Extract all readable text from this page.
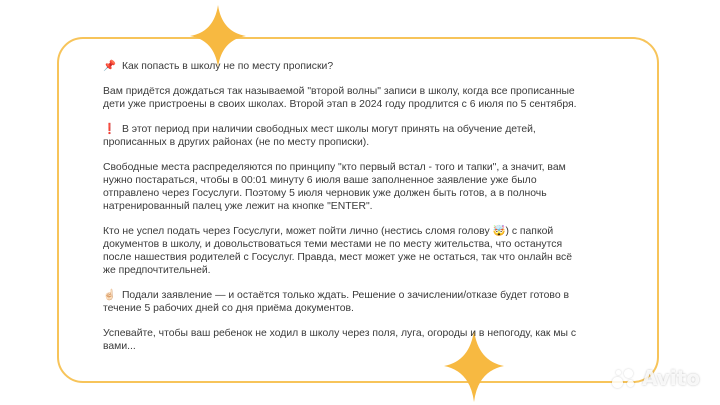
📌 Как попасть в школу не по месту прописки?

Вам придётся дождаться так называемой "второй волны" записи в школу, когда все прописанные дети уже пристроены в своих школах. Второй этап в 2024 году продлится с 6 июля по 5 сентября.

❗ В этот период при наличии свободных мест школы могут принять на обучение детей, прописанных в других районах (не по месту прописки).

Свободные места распределяются по принципу "кто первый встал - того и тапки", а значит, вам нужно постараться, чтобы в 00:01 минуту 6 июля ваше заполненное заявление уже было отправлено через Госуслуги. Поэтому 5 июля черновик уже должен быть готов, а в полночь натренированный палец уже лежит на кнопке "ENTER".

Кто не успел подать через Госуслуги, может пойти лично (нестись сломя голову 🤯) с папкой документов в школу, и довольствоваться теми местами не по месту жительства, что останутся после нашествия родителей с Госуслуг. Правда, мест может уже не остаться, так что онлайн всё же предпочтительней.

☝🏻 Подали заявление — и остаётся только ждать. Решение о зачислении/отказе будет готово в течение 5 рабочих дней со дня приёма документов.

Успевайте, чтобы ваш ребенок не ходил в школу через поля, луга, огороды и в непогоду, как мы с вами...

Avito
